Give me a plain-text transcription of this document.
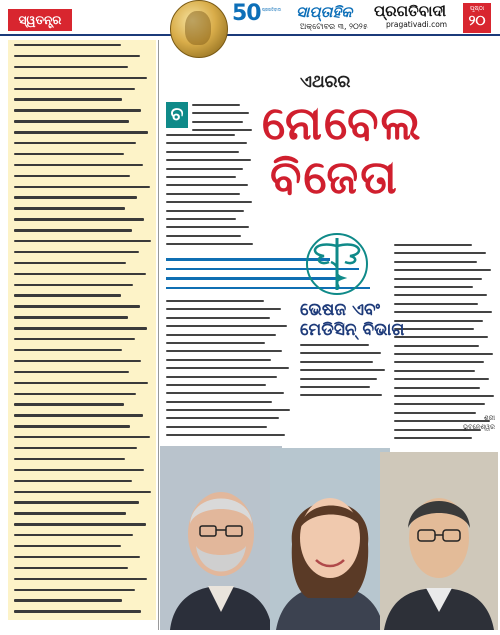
ସ୍ୱତନ୍ତ୍ର	50 ପ୍ରଗତିବାଦୀ ସାପ୍ତାହିକ
ଅକ୍ଟୋବର ୩, ୨୦୨୫
ପ୍ରଗତିବାଦୀ
pragativadi.com
ପୃଷ୍ଠା
୨୦
ଏଥରର
ନୋବେଲ
ବିଜେତା
ଚ
ଭେଷଜ ଏବଂ
ମେଡିସିନ୍ ବିଭାଗ
ଶ୍ରୀ
ଭୁବନେଶ୍ୱର
